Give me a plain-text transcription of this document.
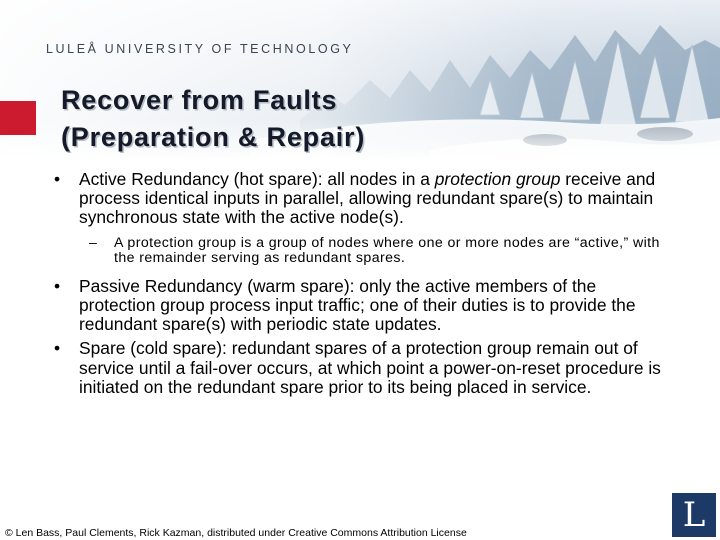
LULEÅ UNIVERSITY OF TECHNOLOGY
Recover from Faults
(Preparation & Repair)
• Active Redundancy (hot spare): all nodes in a protection group receive and process identical inputs in parallel, allowing redundant spare(s) to maintain synchronous state with the active node(s).
– A protection group is a group of nodes where one or more nodes are “active,” with the remainder serving as redundant spares.
• Passive Redundancy (warm spare): only the active members of the protection group process input traffic; one of their duties is to provide the redundant spare(s) with periodic state updates.
• Spare (cold spare): redundant spares of a protection group remain out of service until a fail-over occurs, at which point a power-on-reset procedure is initiated on the redundant spare prior to its being placed in service.
© Len Bass, Paul Clements, Rick Kazman, distributed under Creative Commons Attribution License	L
